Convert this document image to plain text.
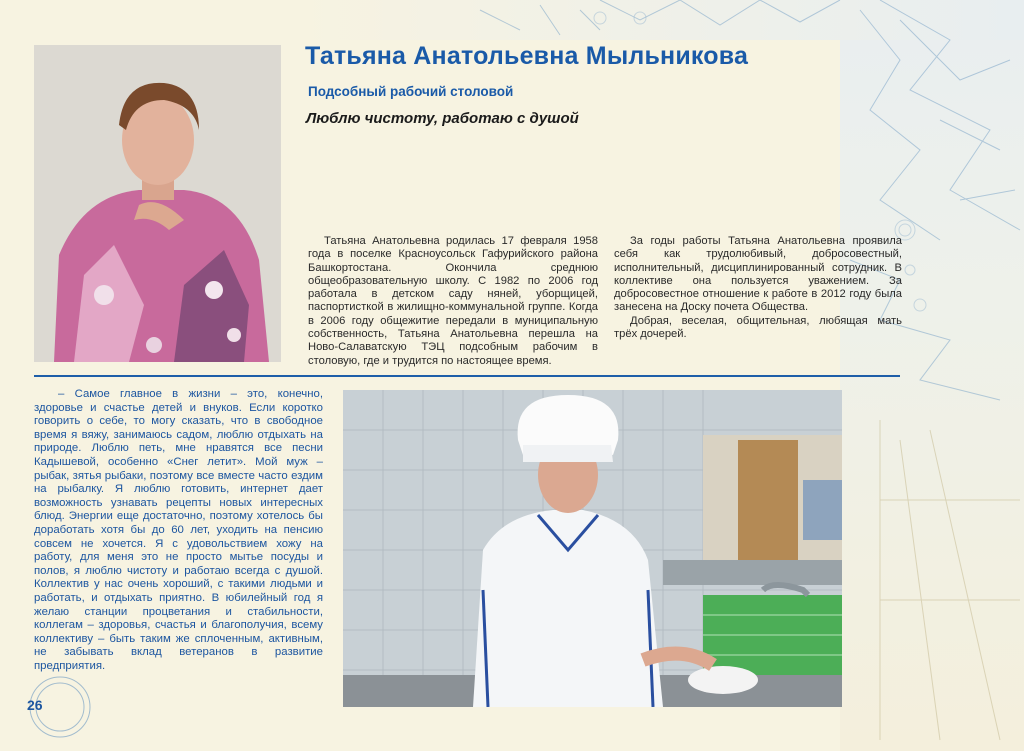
Татьяна Анатольевна Мыльникова
Подсобный рабочий столовой
Люблю чистоту, работаю с душой

Татьяна Анатольевна родилась 17 февраля 1958 года в поселке Красноусольск Гафурийского района Башкортостана. Окончила среднюю общеобразовательную школу. С 1982 по 2006 год работала в детском саду няней, уборщицей, паспортисткой в жилищно-коммунальной группе. Когда в 2006 году общежитие передали в муниципальную собственность, Татьяна Анатольевна перешла на Ново-Салаватскую ТЭЦ подсобным рабочим в столовую, где и трудится по настоящее время.

За годы работы Татьяна Анатольевна проявила себя как трудолюбивый, добросовестный, исполнительный, дисциплинированный сотрудник. В коллективе она пользуется уважением. За добросовестное отношение к работе в 2012 году была занесена на Доску почета Общества.

Добрая, веселая, общительная, любящая мать трёх дочерей.

– Самое главное в жизни – это, конечно, здоровье и счастье детей и внуков. Если коротко говорить о себе, то могу сказать, что в свободное время я вяжу, занимаюсь садом, люблю отдыхать на природе. Люблю петь, мне нравятся все песни Кадышевой, особенно «Снег летит». Мой муж – рыбак, зятья рыбаки, поэтому все вместе часто ездим на рыбалку. Я люблю готовить, интернет дает возможность узнавать рецепты новых интересных блюд. Энергии еще достаточно, поэтому хотелось бы доработать хотя бы до 60 лет, уходить на пенсию совсем не хочется. Я с удовольствием хожу на работу, для меня это не просто мытье посуды и полов, я люблю чистоту и работаю всегда с душой. Коллектив у нас очень хороший, с такими людьми и работать, и отдыхать приятно. В юбилейный год я желаю станции процветания и стабильности, коллегам – здоровья, счастья и благополучия, всему коллективу – быть таким же сплоченным, активным, не забывать вклад ветеранов в развитие предприятия.

26
